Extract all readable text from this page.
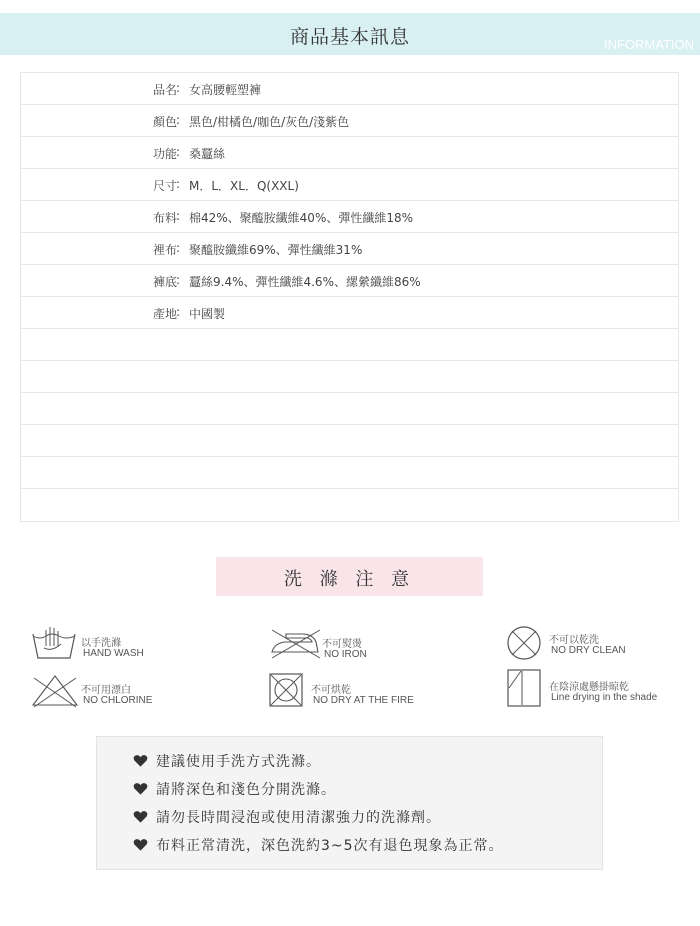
商品基本訊息	INFORMATION
品名
: 女高腰輕塑褲
顏色
: 黑色/柑橘色/咖色/灰色/淺紫色
功能
: 桑蠶絲
尺寸
: M．L．XL．Q(XXL)
布料
: 棉42%、聚醯胺纖維40%、彈性纖維18%
裡布
: 聚醯胺纖維69%、彈性纖維31%
褲底
: 蠶絲9.4%、彈性纖維4.6%、縲縈纖維86%
產地
: 中國製
洗 滌 注 意
以手洗滌
HAND WASH
不可熨燙
NO IRON
不可以乾洗
NO DRY CLEAN
不可用漂白
NO CHLORINE
不可烘乾
NO DRY AT THE FIRE
在陰涼處懸掛晾乾
Line drying in the shade
建議使用手洗方式洗滌。
請將深色和淺色分開洗滌。
請勿長時間浸泡或使用清潔強力的洗滌劑。
布料正常清洗，深色洗約3~5次有退色現象為正常。
